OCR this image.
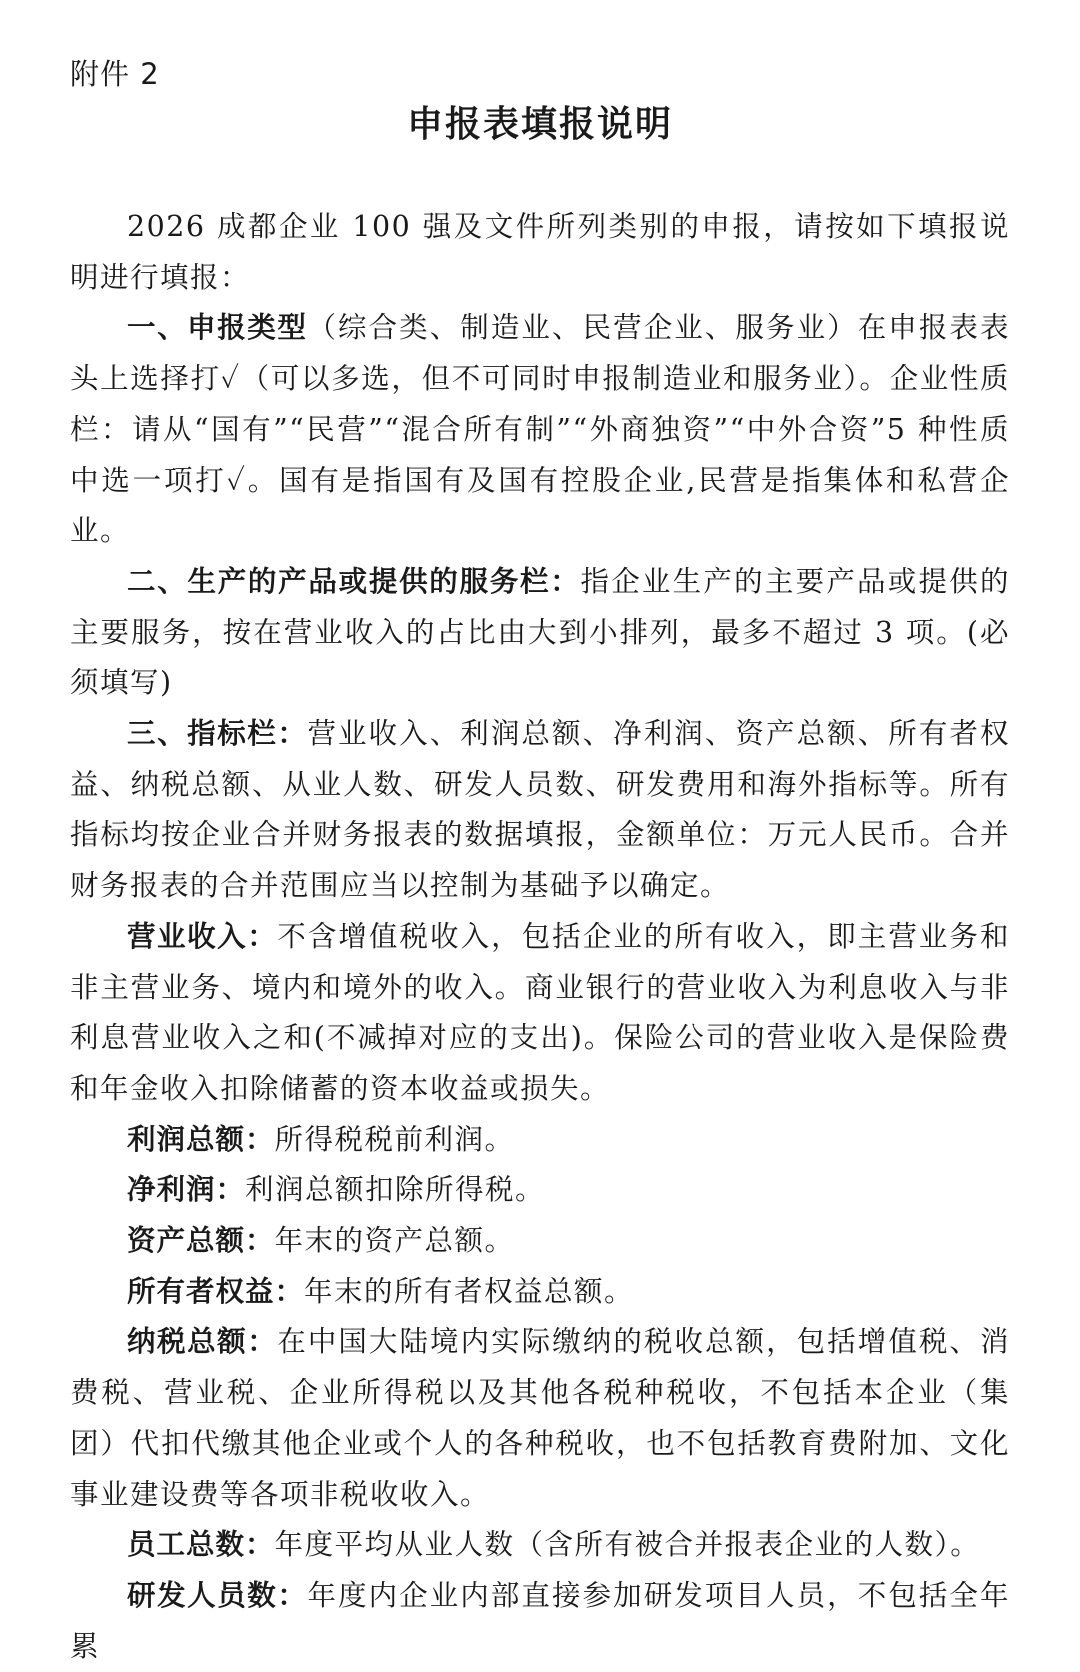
附件 2
申报表填报说明

2026 成都企业 100 强及文件所列类别的申报，请按如下填报说明进行填报：

一、申报类型（综合类、制造业、民营企业、服务业）在申报表表头上选择打✓（可以多选，但不可同时申报制造业和服务业）。企业性质栏：请从“国有”“民营”“混合所有制”“外商独资”“中外合资”5 种性质中选一项打✓。国有是指国有及国有控股企业,民营是指集体和私营企业。

二、生产的产品或提供的服务栏：指企业生产的主要产品或提供的主要服务，按在营业收入的占比由大到小排列，最多不超过 3 项。(必须填写)

三、指标栏：营业收入、利润总额、净利润、资产总额、所有者权益、纳税总额、从业人数、研发人员数、研发费用和海外指标等。所有指标均按企业合并财务报表的数据填报，金额单位：万元人民币。合并财务报表的合并范围应当以控制为基础予以确定。

营业收入：不含增值税收入，包括企业的所有收入，即主营业务和非主营业务、境内和境外的收入。商业银行的营业收入为利息收入与非利息营业收入之和(不减掉对应的支出)。保险公司的营业收入是保险费和年金收入扣除储蓄的资本收益或损失。

利润总额：所得税税前利润。

净利润：利润总额扣除所得税。

资产总额：年末的资产总额。

所有者权益：年末的所有者权益总额。

纳税总额：在中国大陆境内实际缴纳的税收总额，包括增值税、消费税、营业税、企业所得税以及其他各税种税收，不包括本企业（集团）代扣代缴其他企业或个人的各种税收，也不包括教育费附加、文化事业建设费等各项非税收收入。

员工总数：年度平均从业人数（含所有被合并报表企业的人数）。

研发人员数：年度内企业内部直接参加研发项目人员，不包括全年累
